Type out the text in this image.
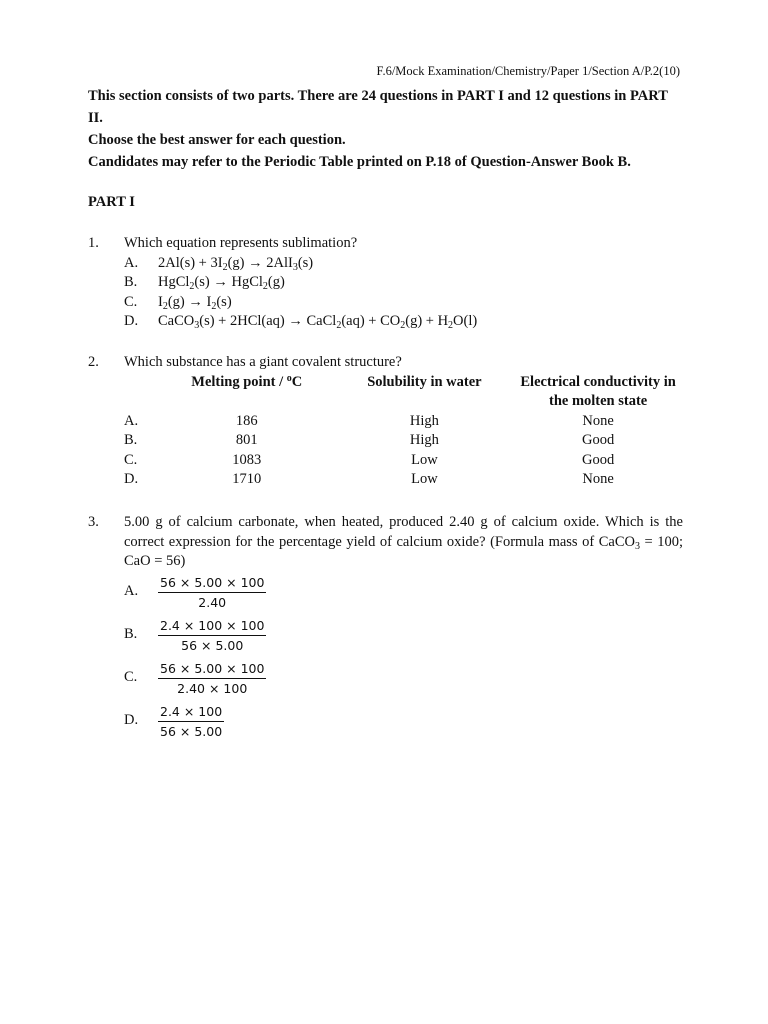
F.6/Mock Examination/Chemistry/Paper 1/Section A/P.2(10)

This section consists of two parts. There are 24 questions in PART I and 12 questions in PART II.

Choose the best answer for each question.

Candidates may refer to the Periodic Table printed on P.18 of Question-Answer Book B.

PART I
1. Which equation represents sublimation?
A.	$2Al(s) + 3I_2(g) \to 2AlI_3(s)$
B.	HgCl$_2$(s) → HgCl$_2$(g)
C.	$I_2(g) \to I_2(s)$
D.	CaCO$_3$(s) + 2HCl(aq) → CaCl$_2$(aq) + $CO_2(g) + H_2O(l)$
2. Which substance has a giant covalent structure?
	Melting point / $^o$C	Solubility in water	Electrical conductivity in the molten state
A.	186	High	None
B.	801	High	Good
C.	1083	Low	Good
D.	1710	Low	None
3. 5.00 g of calcium carbonate, when heated, produced 2.40 g of calcium oxide. Which is the correct expression for the percentage yield of calcium oxide? (Formula mass of CaCO$_3$ = 100; CaO = 56)
A.	$\frac{56 \times 5.00 \times 100}{2.40}$
B.	$\frac{2.4 \times 100 \times 100}{56 \times 5.00}$
C.	$\frac{56 \times 5.00 \times 100}{2.40 \times 100}$
D.	$\frac{2.4 \times 100}{56 \times 5.00}$
